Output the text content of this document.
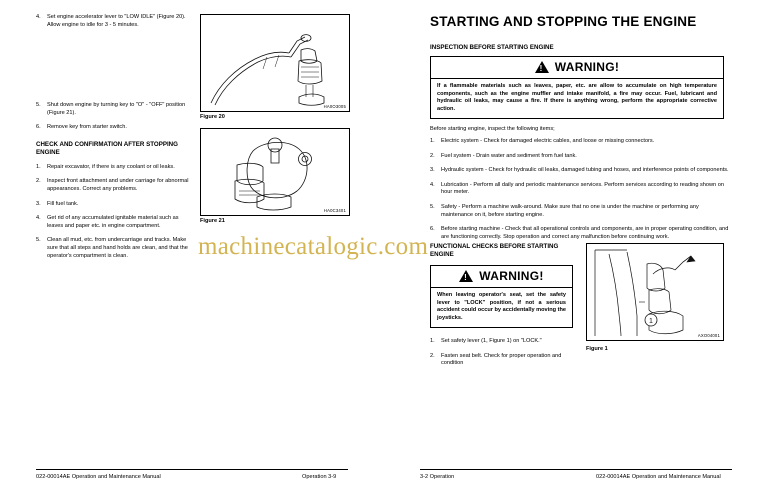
4.	Set engine accelerator lever to "LOW IDLE" (Figure 20). Allow engine to idle for 3 - 5 minutes.
5.	Shut down engine by turning key to "O" - "OFF" position (Figure 21).
6.	Remove key from starter switch.
CHECK AND CONFIRMATION AFTER STOPPING ENGINE
1.	Repair excavator, if there is any coolant or oil leaks.
2.	Inspect front attachment and under carriage for abnormal appearances. Correct any problems.
3.	Fill fuel tank.
4.	Get rid of any accumulated ignitable material such as leaves and paper etc. in engine compartment.
5.	Clean all mud, etc. from undercarriage and tracks. Make sure that all steps and hand holds are clean, and that the operator's compartment is clean.
HA0O3005
Figure 20
HA0C3401
Figure 21
STARTING AND STOPPING THE ENGINE
INSPECTION BEFORE STARTING ENGINE
!
WARNING!
If a flammable materials such as leaves, paper, etc. are allow to accumulate on high temperature components, such as the engine muffler and intake manifold, a fire may occur. Fuel, lubricant and hydraulic oil leaks, may cause a fire. If there is anything wrong, perform the appropriate corrective action.
Before starting engine, inspect the following items;
1.	Electric system - Check for damaged electric cables, and loose or missing connectors.
2.	Fuel system - Drain water and sediment from fuel tank.
3.	Hydraulic system - Check for hydraulic oil leaks, damaged tubing and hoses, and interference points of components.
4.	Lubrication - Perform all daily and periodic maintenance services. Perform services according to reading shown on hour meter.
5.	Safety - Perform a machine walk-around. Make sure that no one is under the machine or performing any maintenance on it, before starting engine.
6.	Before starting machine - Check that all operational controls and components, are in proper operating condition, and are functioning correctly. Stop operation and correct any malfunction before continuing work.
FUNCTIONAL CHECKS BEFORE STARTING ENGINE
!
WARNING!
When leaving operator's seat, set the safety lever to "LOCK" position, if not a serious accident could occur by accidentally moving the joysticks.
1.	Set safety lever (1, Figure 1) on "LOCK."
2.	Fasten seat belt. Check for proper operation and condition
1
AXO04001
Figure 1
machinecatalogic.com
022-00014AE Operation and Maintenance Manual	Operation 3-9	3-2 Operation	022-00014AE Operation and Maintenance Manual
